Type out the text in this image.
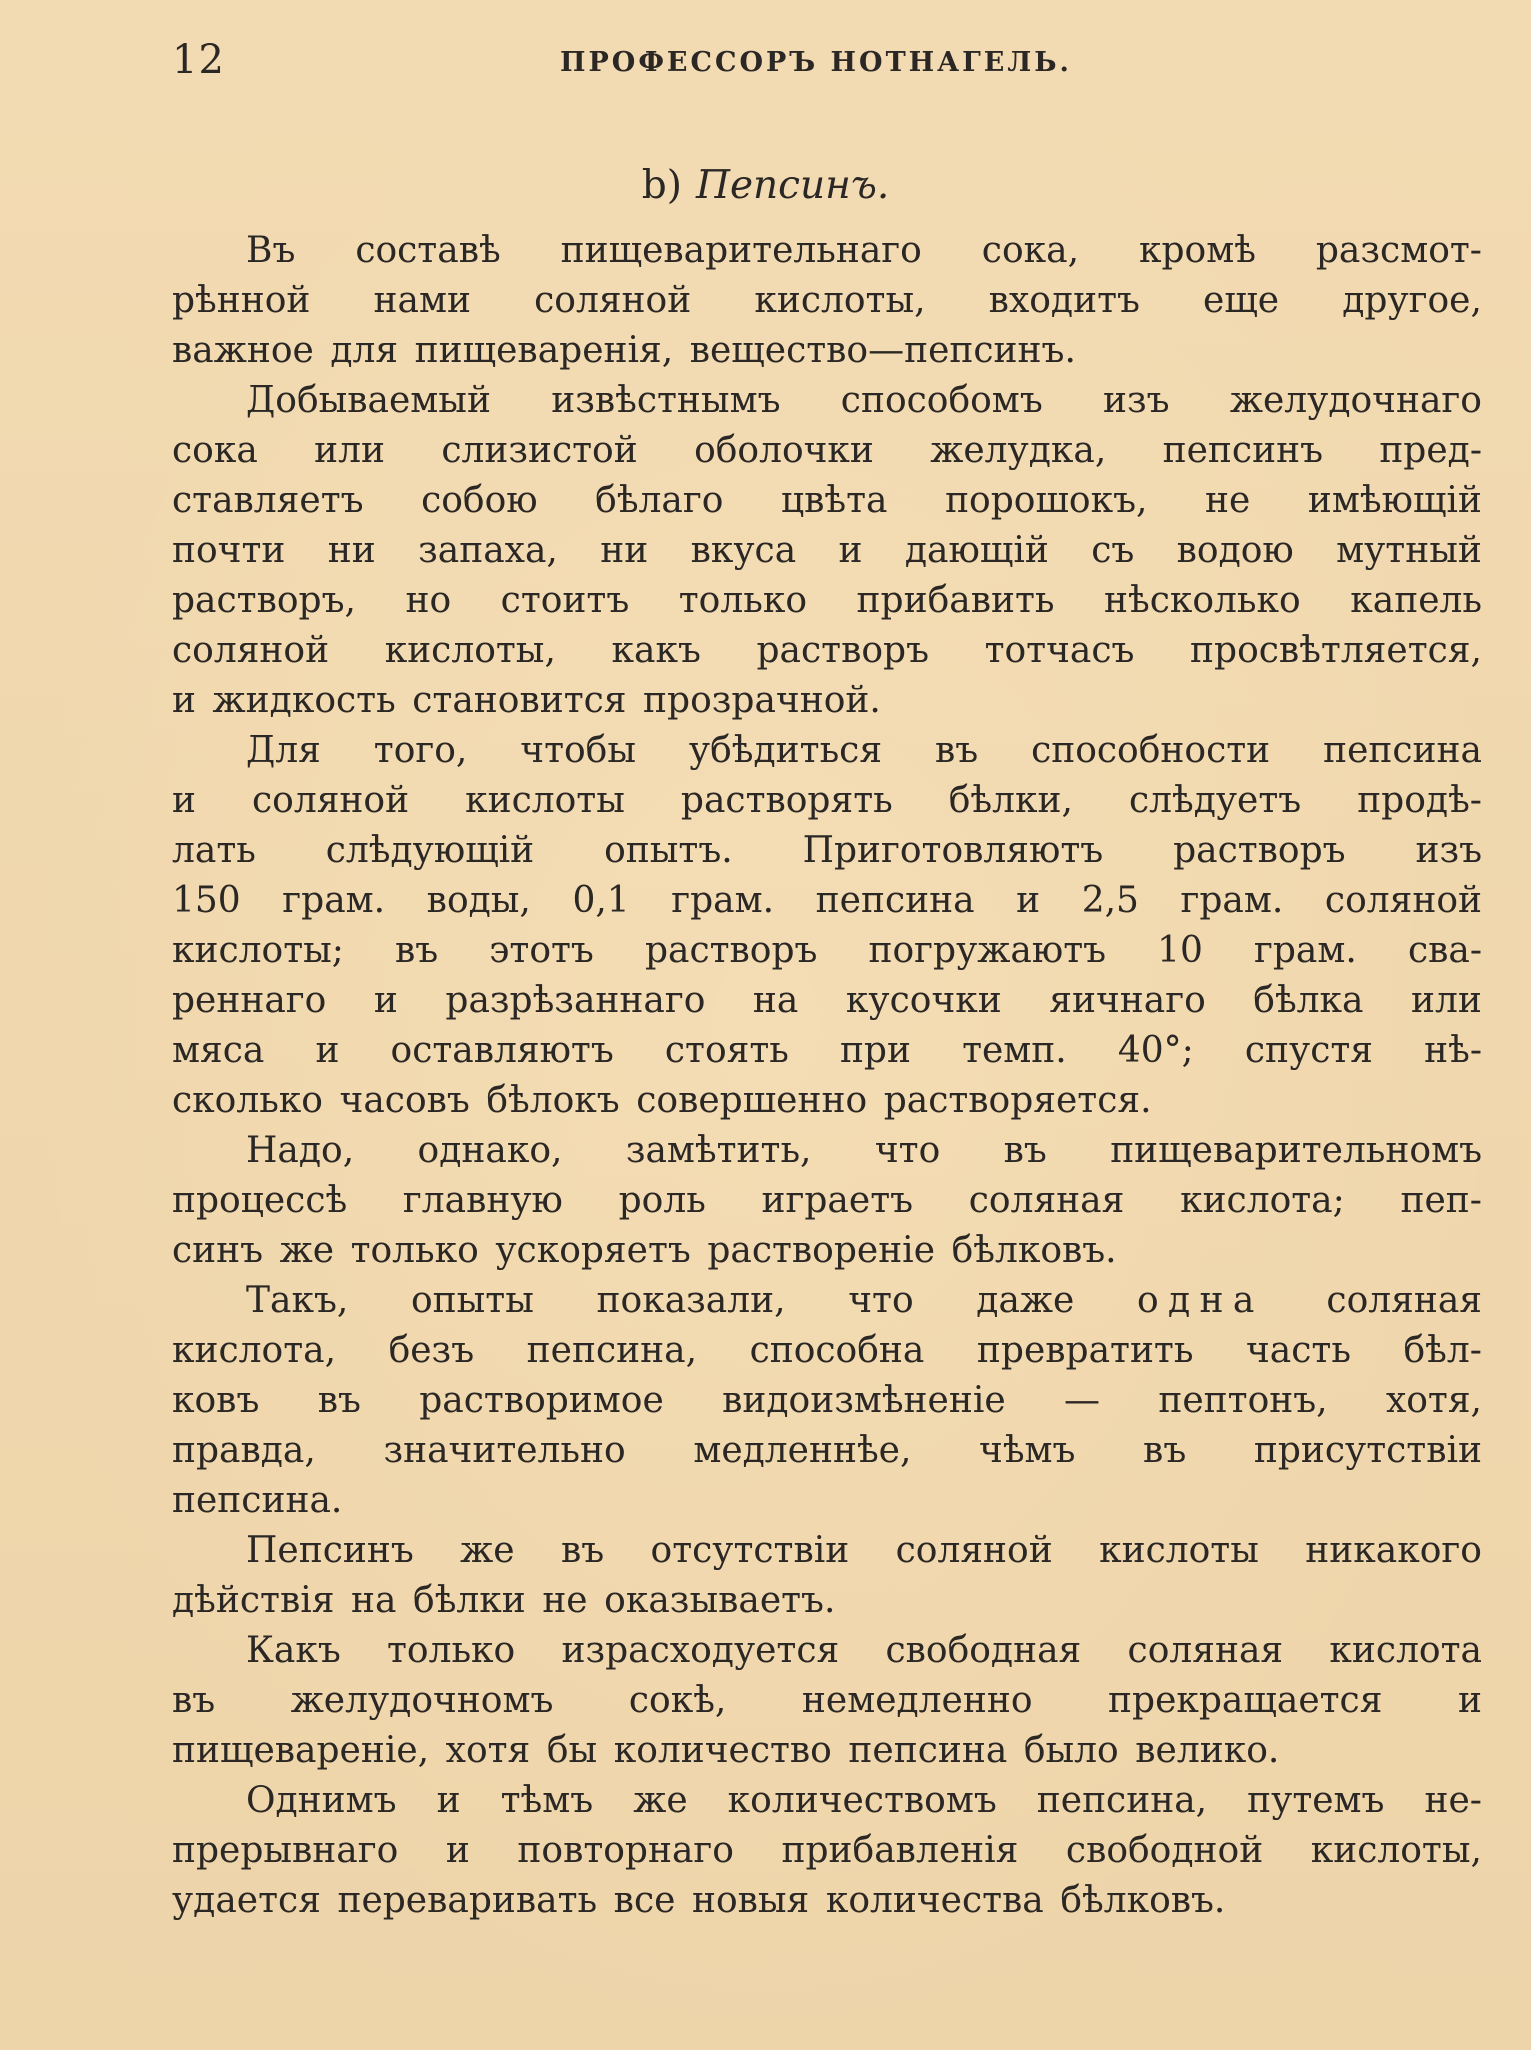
12	ПРОФЕССОРЪ НОТНАГЕЛЬ.
b) Пепсинъ.
Въ составѣ пищеварительнаго сока, кромѣ разсмот-
рѣнной нами соляной кислоты, входитъ еще другое,
важное для пищеваренія, вещество—пепсинъ.
Добываемый извѣстнымъ способомъ изъ желудочнаго
сока или слизистой оболочки желудка, пепсинъ пред-
ставляетъ собою бѣлаго цвѣта порошокъ, не имѣющій
почти ни запаха, ни вкуса и дающій съ водою мутный
растворъ, но стоитъ только прибавить нѣсколько капель
соляной кислоты, какъ растворъ тотчасъ просвѣтляется,
и жидкость становится прозрачной.
Для того, чтобы убѣдиться въ способности пепсина
и соляной кислоты растворять бѣлки, слѣдуетъ продѣ-
лать слѣдующій опытъ. Приготовляютъ растворъ изъ
150 грам. воды, 0,1 грам. пепсина и 2,5 грам. соляной
кислоты; въ этотъ растворъ погружаютъ 10 грам. сва-
реннаго и разрѣзаннаго на кусочки яичнаго бѣлка или
мяса и оставляютъ стоять при темп. 40°; спустя нѣ-
сколько часовъ бѣлокъ совершенно растворяется.
Надо, однако, замѣтить, что въ пищеварительномъ
процессѣ главную роль играетъ соляная кислота; пеп-
синъ же только ускоряетъ раствореніе бѣлковъ.
Такъ, опыты показали, что даже одна соляная
кислота, безъ пепсина, способна превратить часть бѣл-
ковъ въ растворимое видоизмѣненіе — пептонъ, хотя,
правда, значительно медленнѣе, чѣмъ въ присутствіи
пепсина.
Пепсинъ же въ отсутствіи соляной кислоты никакого
дѣйствія на бѣлки не оказываетъ.
Какъ только израсходуется свободная соляная кислота
въ желудочномъ сокѣ, немедленно прекращается и
пищевареніе, хотя бы количество пепсина было велико.
Однимъ и тѣмъ же количествомъ пепсина, путемъ не-
прерывнаго и повторнаго прибавленія свободной кислоты,
удается переваривать все новыя количества бѣлковъ.
